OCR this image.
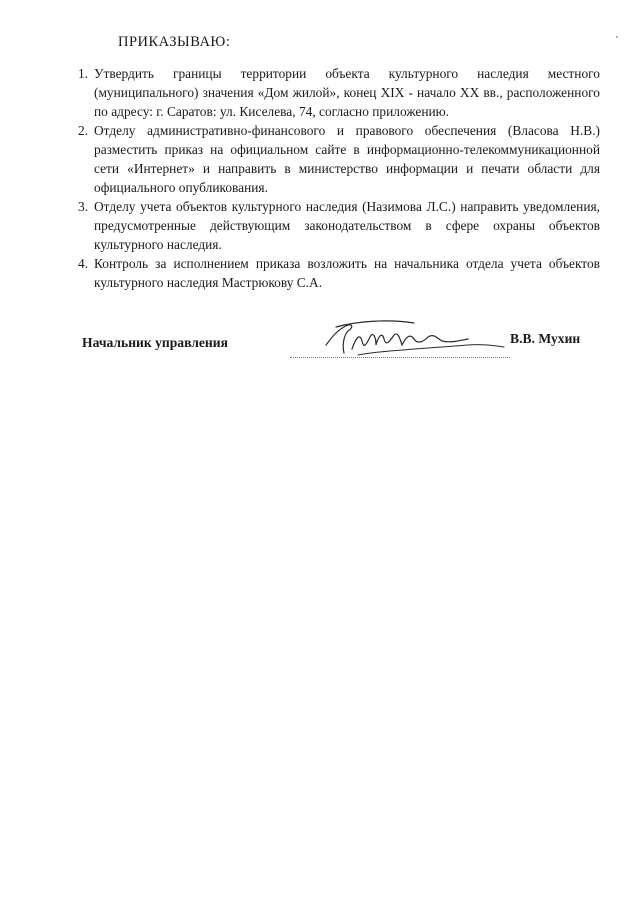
ПРИКАЗЫВАЮ:
1. Утвердить границы территории объекта культурного наследия местного (муниципального) значения «Дом жилой», конец XIX - начало XX вв., расположенного по адресу: г. Саратов: ул. Киселева, 74, согласно приложению.
2. Отделу административно-финансового и правового обеспечения (Власова Н.В.) разместить приказ на официальном сайте в информационно-телекоммуникационной сети «Интернет» и направить в министерство информации и печати области для официального опубликования.
3. Отделу учета объектов культурного наследия (Назимова Л.С.) направить уведомления, предусмотренные действующим законодательством в сфере охраны объектов культурного наследия.
4. Контроль за исполнением приказа возложить на начальника отдела учета объектов культурного наследия Мастрюкову С.А.
Начальник управления	В.В. Мухин
